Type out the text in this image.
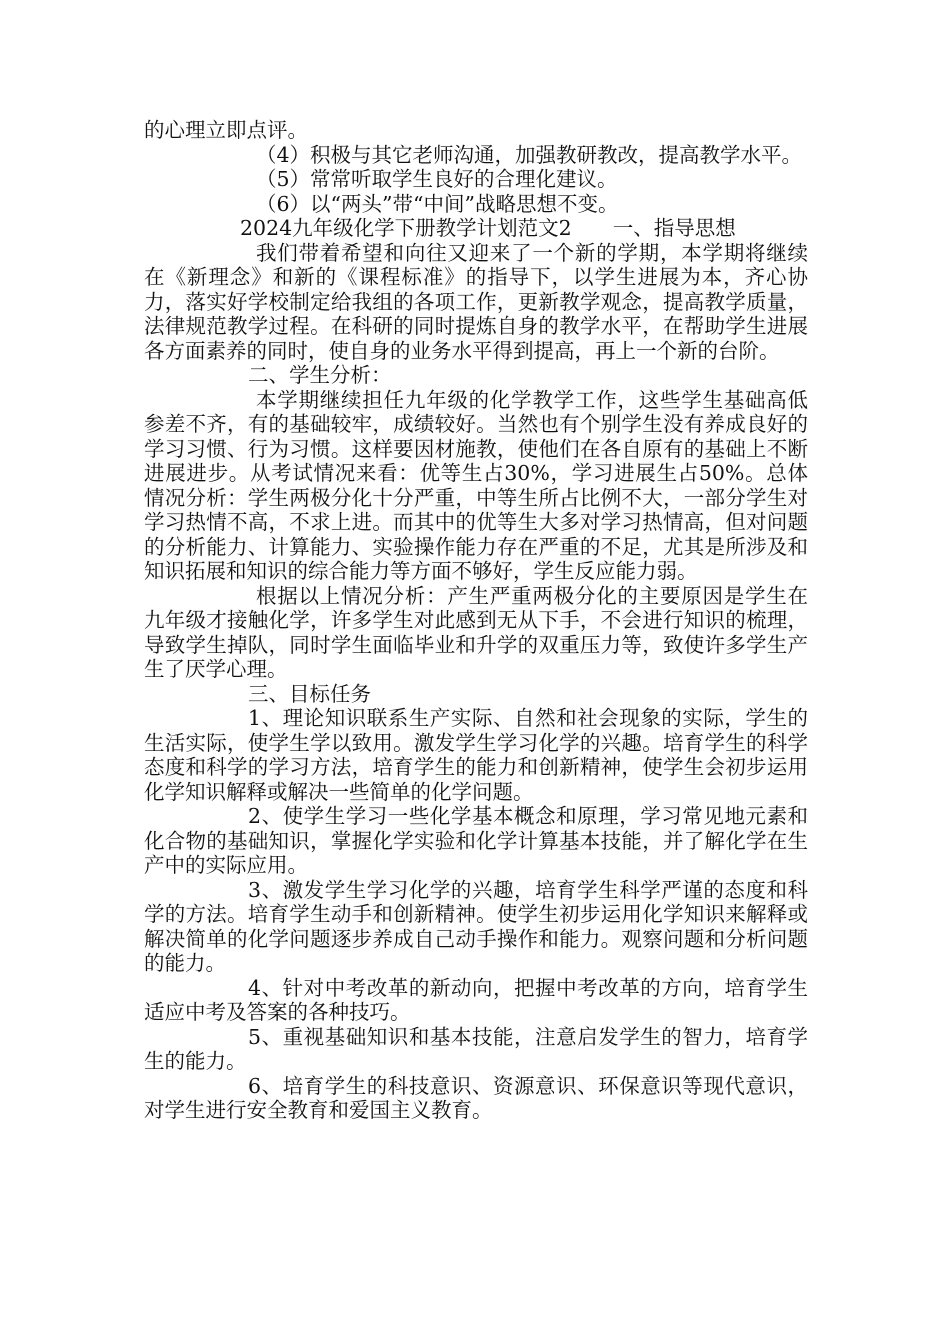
的心理立即点评。

（4）积极与其它老师沟通，加强教研教改，提高教学水平。

（5）常常听取学生良好的合理化建议。

（6）以“两头”带“中间”战略思想不变。

2024九年级化学下册教学计划范文2　　一、指导思想

我们带着希望和向往又迎来了一个新的学期，本学期将继续在《新理念》和新的《课程标准》的指导下，以学生进展为本，齐心协力，落实好学校制定给我组的各项工作，更新教学观念，提高教学质量，法律规范教学过程。在科研的同时提炼自身的教学水平，在帮助学生进展各方面素养的同时，使自身的业务水平得到提高，再上一个新的台阶。

二、学生分析：

本学期继续担任九年级的化学教学工作，这些学生基础高低参差不齐，有的基础较牢，成绩较好。当然也有个别学生没有养成良好的学习习惯、行为习惯。这样要因材施教，使他们在各自原有的基础上不断进展进步。从考试情况来看：优等生占30%，学习进展生占50%。总体情况分析：学生两极分化十分严重，中等生所占比例不大，一部分学生对学习热情不高，不求上进。而其中的优等生大多对学习热情高，但对问题的分析能力、计算能力、实验操作能力存在严重的不足，尤其是所涉及和知识拓展和知识的综合能力等方面不够好，学生反应能力弱。

根据以上情况分析：产生严重两极分化的主要原因是学生在九年级才接触化学，许多学生对此感到无从下手，不会进行知识的梳理，导致学生掉队，同时学生面临毕业和升学的双重压力等，致使许多学生产生了厌学心理。

三、目标任务

1、理论知识联系生产实际、自然和社会现象的实际，学生的生活实际，使学生学以致用。激发学生学习化学的兴趣。培育学生的科学态度和科学的学习方法，培育学生的能力和创新精神，使学生会初步运用化学知识解释或解决一些简单的化学问题。

2、使学生学习一些化学基本概念和原理，学习常见地元素和化合物的基础知识，掌握化学实验和化学计算基本技能，并了解化学在生产中的实际应用。

3、激发学生学习化学的兴趣，培育学生科学严谨的态度和科学的方法。培育学生动手和创新精神。使学生初步运用化学知识来解释或解决简单的化学问题逐步养成自己动手操作和能力。观察问题和分析问题的能力。

4、针对中考改革的新动向，把握中考改革的方向，培育学生适应中考及答案的各种技巧。

5、重视基础知识和基本技能，注意启发学生的智力，培育学生的能力。

6、培育学生的科技意识、资源意识、环保意识等现代意识，对学生进行安全教育和爱国主义教育。
